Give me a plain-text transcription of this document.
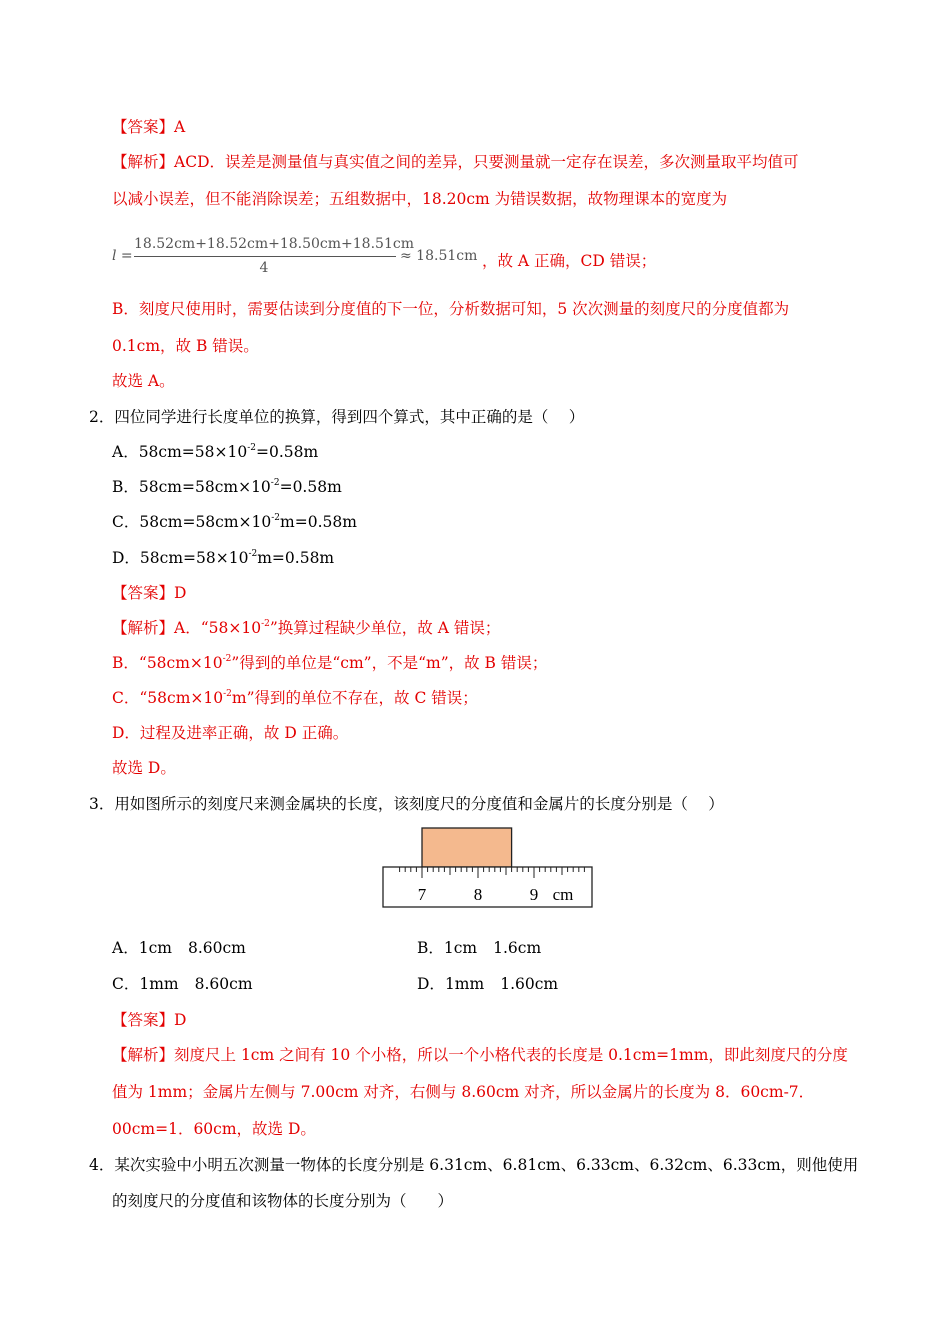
【答案】A
【解析】ACD．误差是测量值与真实值之间的差异，只要测量就一定存在误差，多次测量取平均值可
以减小误差，但不能消除误差；五组数据中，18.20cm 为错误数据，故物理课本的宽度为
l =
18.52cm+18.52cm+18.50cm+18.51cm
4
≈ 18.51cm ，故 A 正确，CD 错误；
B．刻度尺使用时，需要估读到分度值的下一位，分析数据可知，5 次次测量的刻度尺的分度值都为
0.1cm，故 B 错误。
故选 A。
2．四位同学进行长度单位的换算，得到四个算式，其中正确的是（　 ）
A．$58cm=58\times 10^{-2}=0.58m$
B．$58cm=58cm\times 10^{-2}=0.58m$
C．$58cm=58cm\times 10^{-2}m=0.58m$
D．$58cm=58\times 10^{-2}m=0.58m$
【答案】D
【解析】A．“$58\times 10^{-2}$”换算过程缺少单位，故 A 错误；
B．“$58cm\times 10^{-2}$”得到的单位是“cm”，不是“m”，故 B 错误；
C．“$58cm\times 10^{-2}m$”得到的单位不存在，故 C 错误；
D．过程及进率正确，故 D 正确。
故选 D。
3．用如图所示的刻度尺来测金属块的长度，该刻度尺的分度值和金属片的长度分别是（　 ）
7	8	9 cm
A．1cm 8.60cm	B．1cm 1.6cm
C．1mm 8.60cm	D．1mm 1.60cm
【答案】D
【解析】刻度尺上 1cm 之间有 10 个小格，所以一个小格代表的长度是 0.1cm=1mm，即此刻度尺的分度
值为 1mm；金属片左侧与 7.00cm 对齐，右侧与 8.60cm 对齐，所以金属片的长度为 8．60cm-7．
00cm=1．60cm，故选 D。
4．某次实验中小明五次测量一物体的长度分别是 6.31cm、6.81cm、6.33cm、6.32cm、6.33cm，则他使用
的刻度尺的分度值和该物体的长度分别为（　　）
